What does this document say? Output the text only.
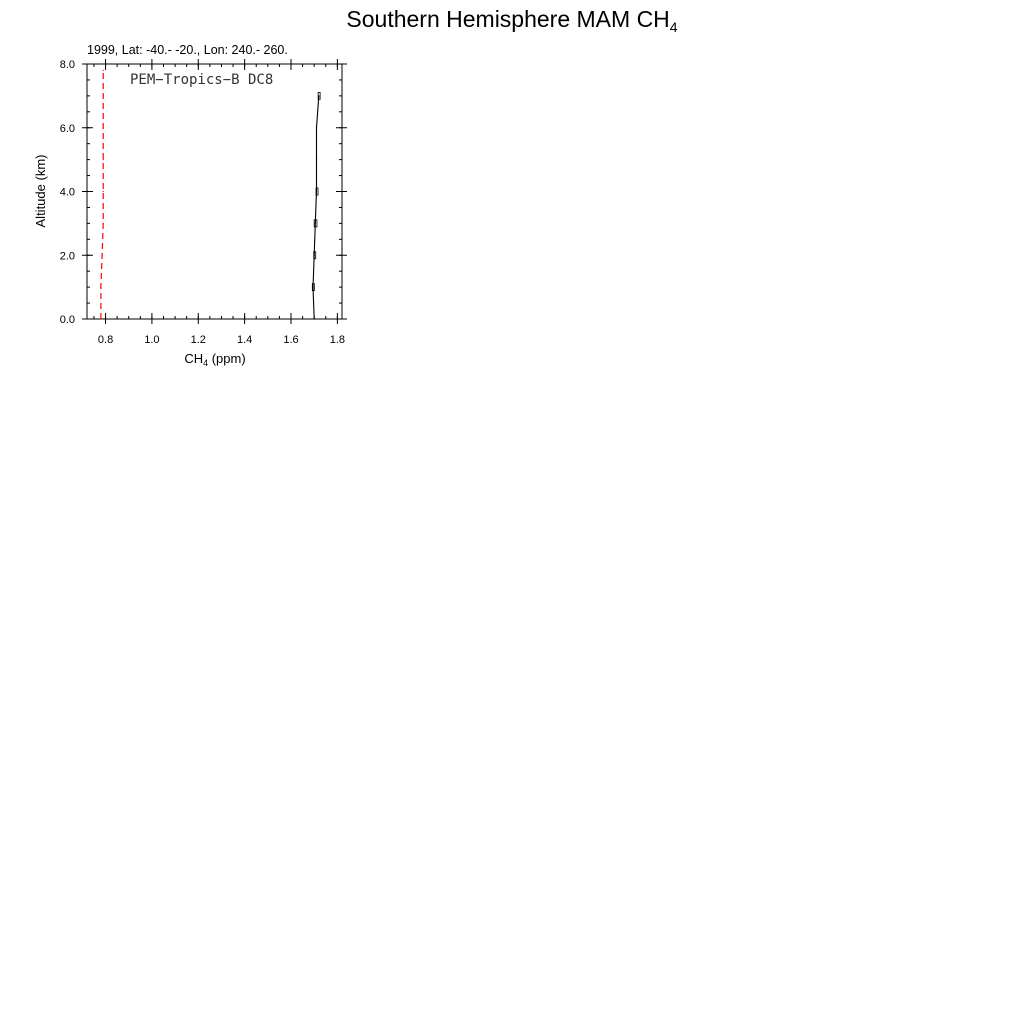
Southern Hemisphere MAM $CH_4$
1999, Lat: -40.- -20., Lon: 240.- 260.
PEM−Tropics−B DC8
0.8	1.0	1.2	1.4	1.6	1.8
0.0
2.0
4.0
6.0
8.0
$CH_4$ (ppm)
Altitude (km)
